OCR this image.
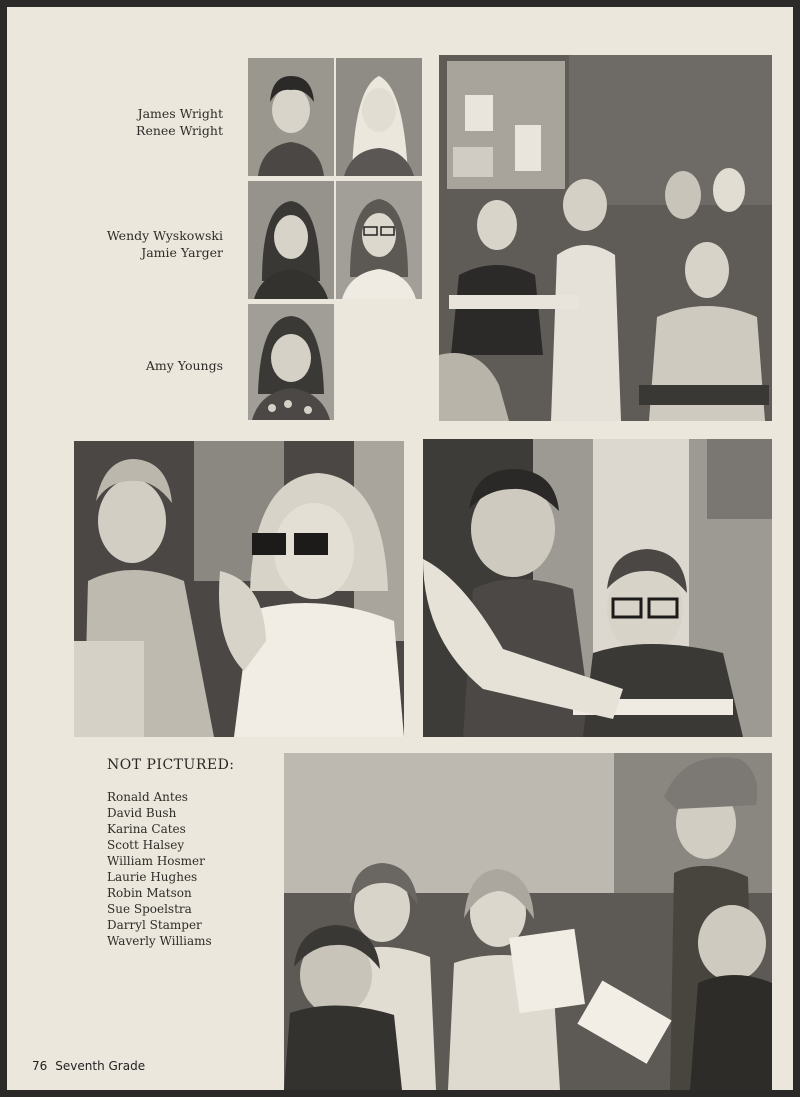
James Wright
Renee Wright
Wendy Wyskowski
Jamie Yarger
Amy Youngs
NOT PICTURED:
Ronald Antes
David Bush
Karina Cates
Scott Halsey
William Hosmer
Laurie Hughes
Robin Matson
Sue Spoelstra
Darryl Stamper
Waverly Williams
76 Seventh Grade
